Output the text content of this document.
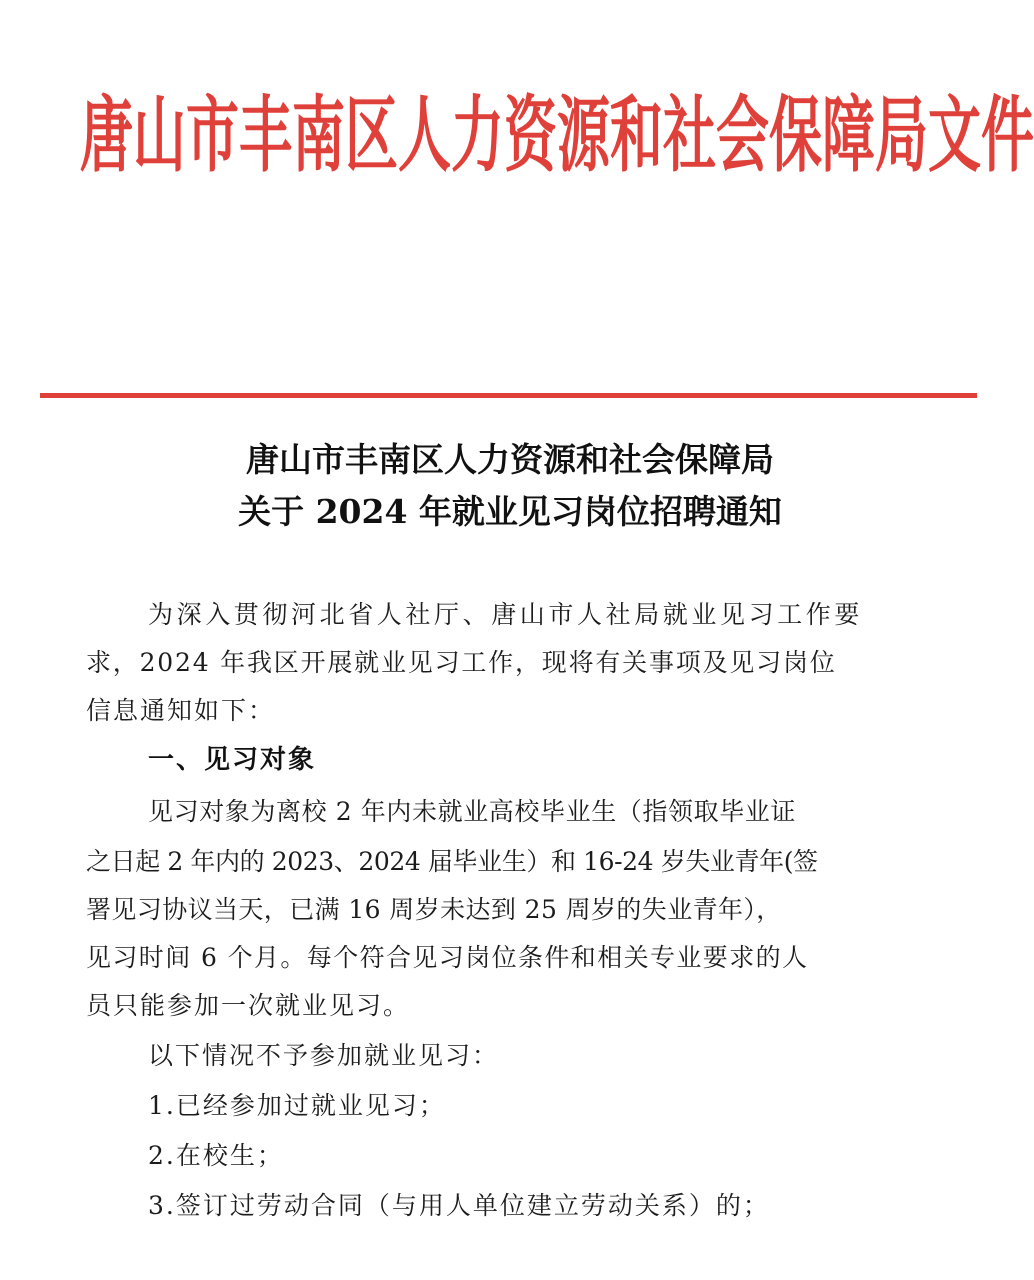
唐 山 市 丰 南 区 人 力 资 源 和 社 会 保 障 局 文 件
唐山市丰南区人力资源和社会保障局
关于 2024 年就业见习岗位招聘通知
为深入贯彻河北省人社厅、唐山市人社局就业见习工作要
求，2024 年我区开展就业见习工作，现将有关事项及见习岗位
信息通知如下：
一、见习对象
见习对象为离校 2 年内未就业高校毕业生（指领取毕业证
之日起 2 年内的 2023、2024 届毕业生）和 16-24 岁失业青年(签
署见习协议当天，已满 16 周岁未达到 25 周岁的失业青年），
见习时间 6 个月。每个符合见习岗位条件和相关专业要求的人
员只能参加一次就业见习。
以下情况不予参加就业见习：
1.已经参加过就业见习；
2.在校生；
3.签订过劳动合同（与用人单位建立劳动关系）的；
